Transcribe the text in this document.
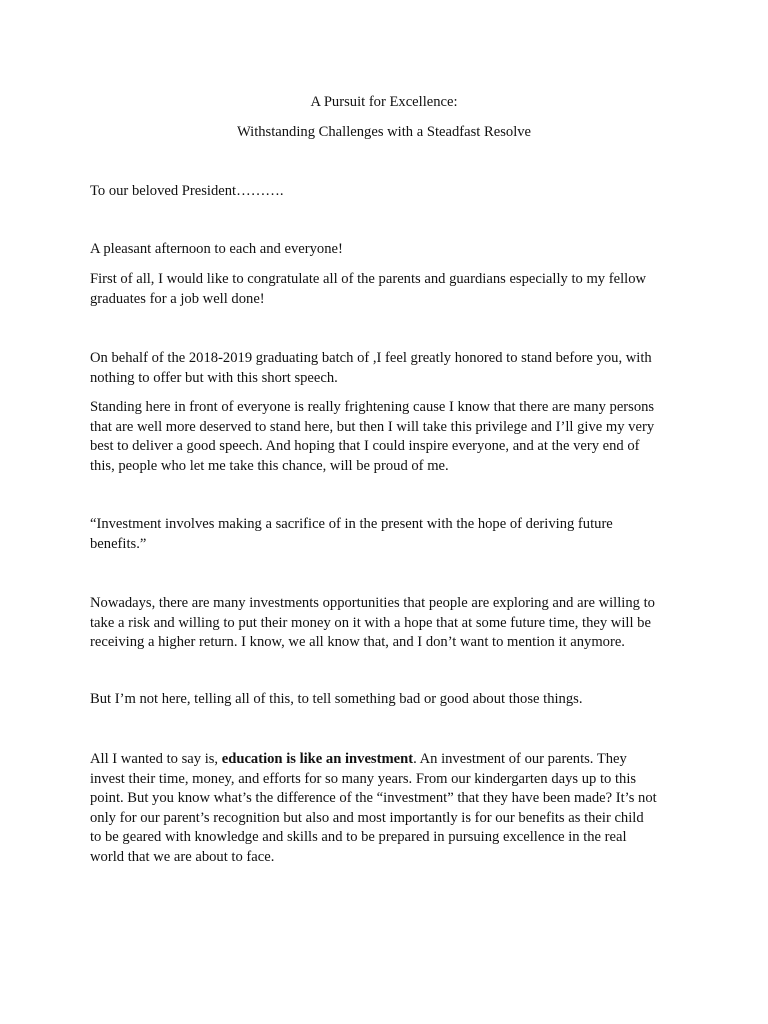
A Pursuit for Excellence:
Withstanding Challenges with a Steadfast Resolve

To our beloved President……….

A pleasant afternoon to each and everyone!

First of all, I would like to congratulate all of the parents and guardians especially to my fellow
graduates for a job well done!

On behalf of the 2018-2019 graduating batch of ,I feel greatly honored to stand before you, with
nothing to offer but with this short speech.

Standing here in front of everyone is really frightening cause I know that there are many persons
that are well more deserved to stand here, but then I will take this privilege and I’ll give my very
best to deliver a good speech. And hoping that I could inspire everyone, and at the very end of
this, people who let me take this chance, will be proud of me.

“Investment involves making a sacrifice of in the present with the hope of deriving future
benefits.”

Nowadays, there are many investments opportunities that people are exploring and are willing to
take a risk and willing to put their money on it with a hope that at some future time, they will be
receiving a higher return. I know, we all know that, and I don’t want to mention it anymore.

But I’m not here, telling all of this, to tell something bad or good about those things.

All I wanted to say is, education is like an investment. An investment of our parents. They
invest their time, money, and efforts for so many years. From our kindergarten days up to this
point. But you know what’s the difference of the “investment” that they have been made? It’s not
only for our parent’s recognition but also and most importantly is for our benefits as their child
to be geared with knowledge and skills and to be prepared in pursuing excellence in the real
world that we are about to face.
